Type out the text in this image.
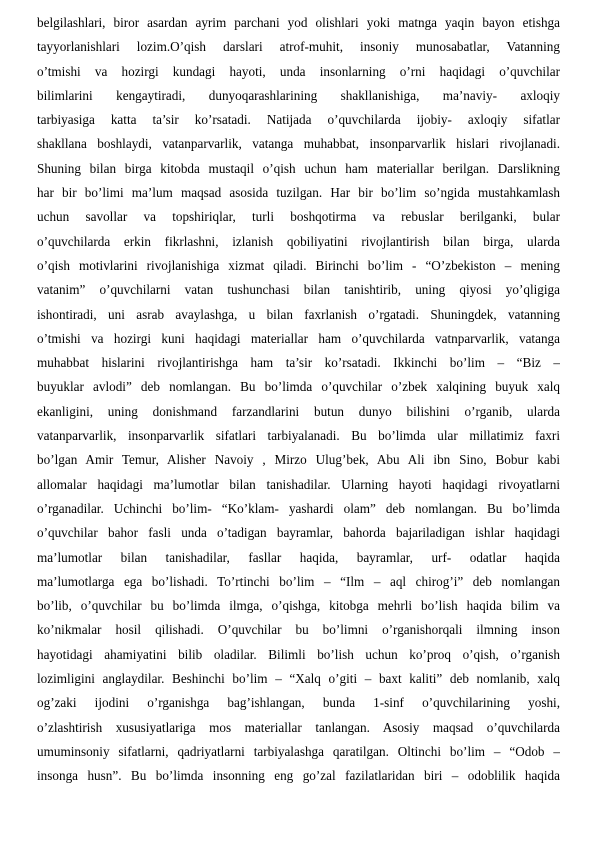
belgilashlari, biror asardan ayrim parchani yod olishlari yoki matnga yaqin bayon etishga
tayyorlanishlari lozim.O’qish darslari atrof-muhit, insoniy munosabatlar, Vatanning
o’tmishi va hozirgi kundagi hayoti, unda insonlarning o’rni haqidagi o’quvchilar
bilimlarini kengaytiradi, dunyoqarashlarining shakllanishiga, ma’naviy- axloqiy
tarbiyasiga katta ta’sir ko’rsatadi. Natijada o’quvchilarda ijobiy- axloqiy sifatlar
shakllana boshlaydi, vatanparvarlik, vatanga muhabbat, insonparvarlik hislari rivojlanadi.
Shuning bilan birga kitobda mustaqil o’qish uchun ham materiallar berilgan. Darslikning
har bir bo’limi ma’lum maqsad asosida tuzilgan. Har bir bo’lim so’ngida mustahkamlash
uchun savollar va topshiriqlar, turli boshqotirma va rebuslar berilganki, bular
o’quvchilarda erkin fikrlashni, izlanish qobiliyatini rivojlantirish bilan birga, ularda
o’qish motivlarini rivojlanishiga xizmat qiladi. Birinchi bo’lim - “O’zbekiston – mening
vatanim” o’quvchilarni vatan tushunchasi bilan tanishtirib, uning qiyosi yo’qligiga
ishontiradi, uni asrab avaylashga, u bilan faxrlanish o’rgatadi. Shuningdek, vatanning
o’tmishi va hozirgi kuni haqidagi materiallar ham o’quvchilarda vatnparvarlik, vatanga
muhabbat hislarini rivojlantirishga ham ta’sir ko’rsatadi. Ikkinchi bo’lim – “Biz –
buyuklar avlodi” deb nomlangan. Bu bo’limda o’quvchilar o’zbek xalqining buyuk xalq
ekanligini, uning donishmand farzandlarini butun dunyo bilishini o’rganib, ularda
vatanparvarlik, insonparvarlik sifatlari tarbiyalanadi. Bu bo’limda ular millatimiz faxri
bo’lgan Amir Temur, Alisher Navoiy , Mirzo Ulug’bek, Abu Ali ibn Sino, Bobur kabi
allomalar haqidagi ma’lumotlar bilan tanishadilar. Ularning hayoti haqidagi rivoyatlarni
o’rganadilar. Uchinchi bo’lim- “Ko’klam- yashardi olam” deb nomlangan. Bu bo’limda
o’quvchilar bahor fasli unda o’tadigan bayramlar, bahorda bajariladigan ishlar haqidagi
ma’lumotlar bilan tanishadilar, fasllar haqida, bayramlar, urf- odatlar haqida
ma’lumotlarga ega bo’lishadi. To’rtinchi bo’lim – “Ilm – aql chirog’i” deb nomlangan
bo’lib, o’quvchilar bu bo’limda ilmga, o’qishga, kitobga mehrli bo’lish haqida bilim va
ko’nikmalar hosil qilishadi. O’quvchilar bu bo’limni o’rganishorqali ilmning inson
hayotidagi ahamiyatini bilib oladilar. Bilimli bo’lish uchun ko’proq o’qish, o’rganish
lozimligini anglaydilar. Beshinchi bo’lim – “Xalq o’giti – baxt kaliti” deb nomlanib, xalq
og’zaki ijodini o’rganishga bag’ishlangan, bunda 1-sinf o’quvchilarining yoshi,
o’zlashtirish xususiyatlariga mos materiallar tanlangan. Asosiy maqsad o’quvchilarda
umuminsoniy sifatlarni, qadriyatlarni tarbiyalashga qaratilgan. Oltinchi bo’lim – “Odob –
insonga husn”. Bu bo’limda insonning eng go’zal fazilatlaridan biri – odoblilik haqida
